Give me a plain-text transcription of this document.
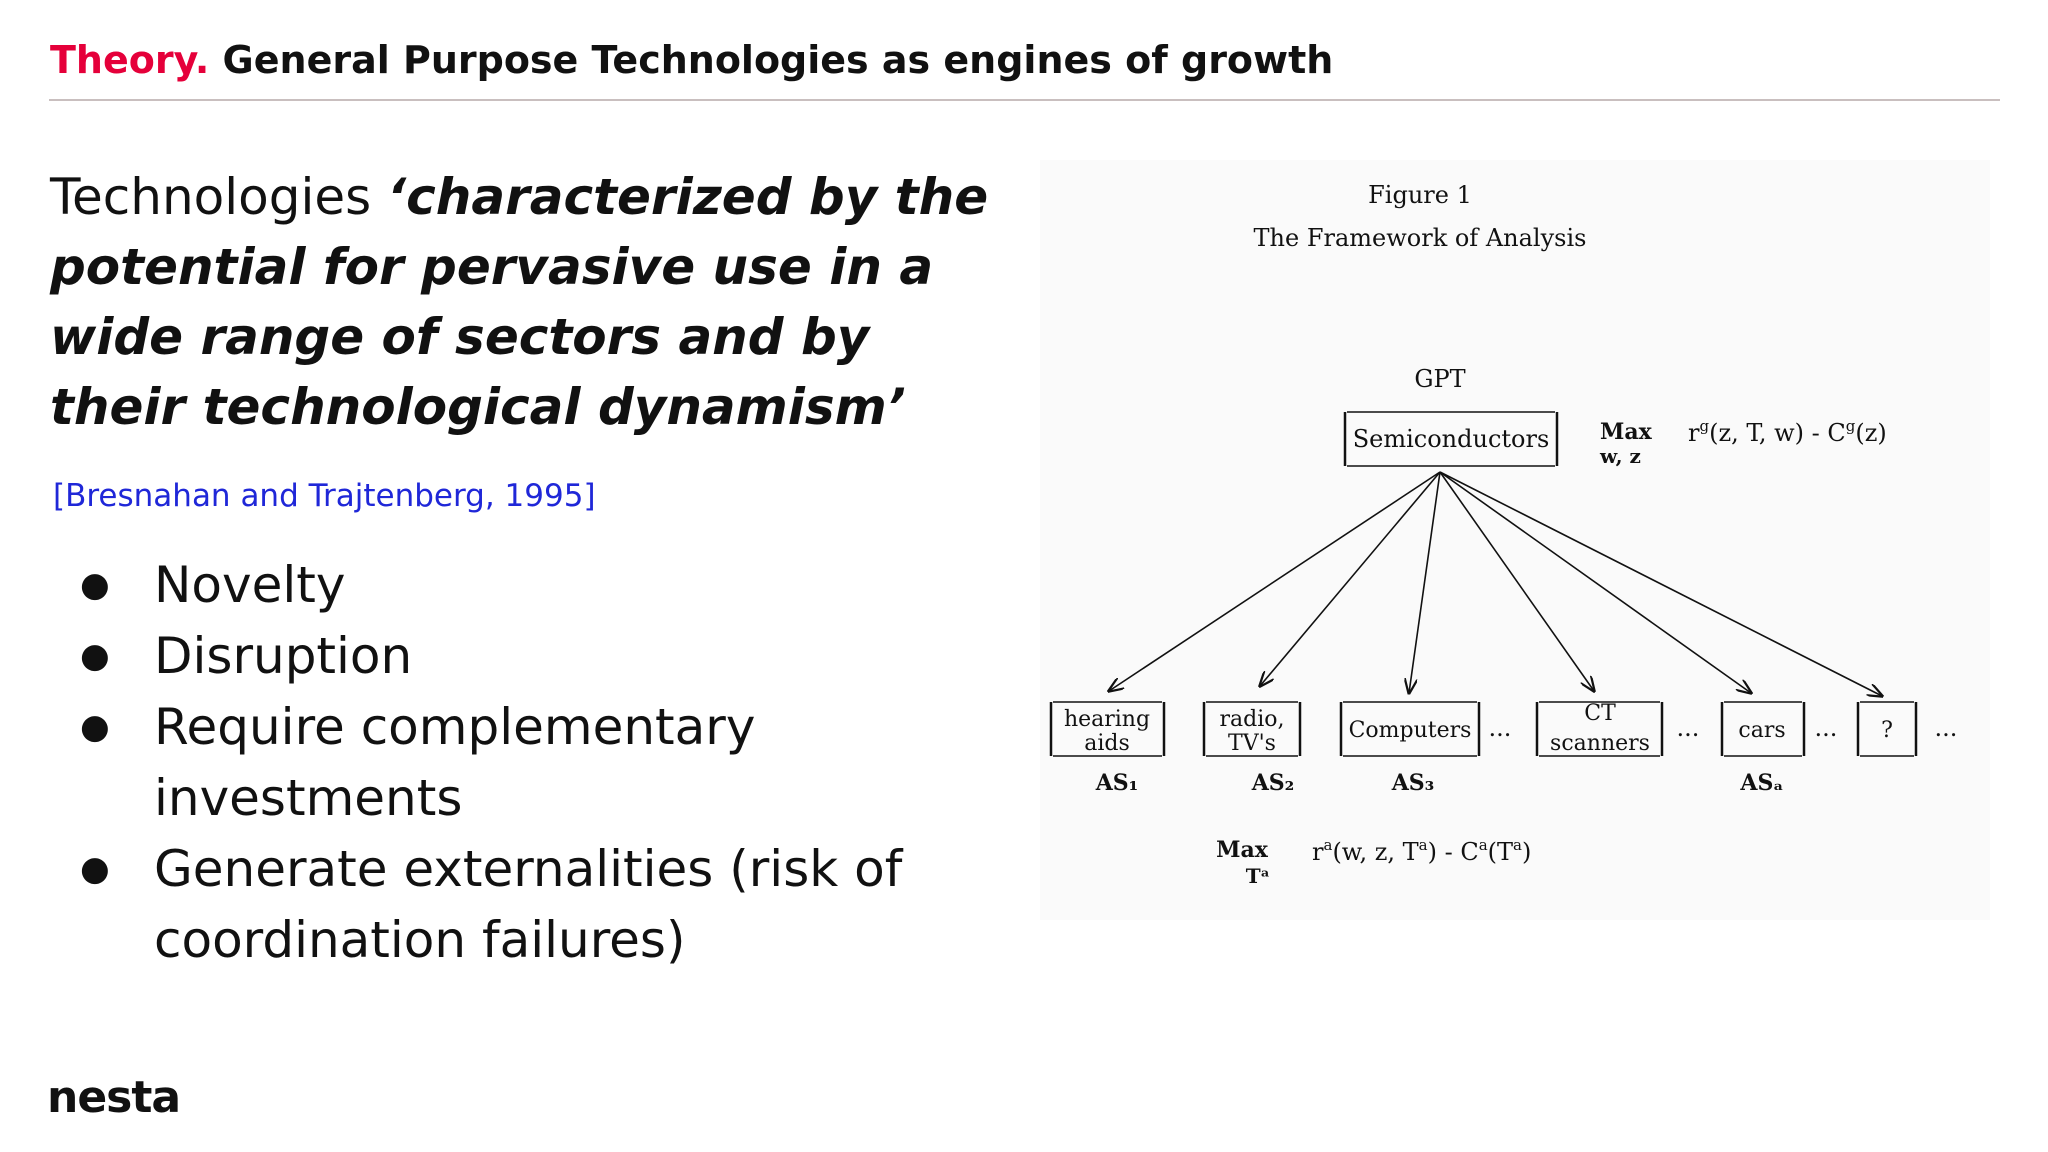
Theory. General Purpose Technologies as engines of growth
Technologies ‘characterized by the potential for pervasive use in a wide range of sectors and by their technological dynamism’
[Bresnahan and Trajtenberg, 1995]
● Novelty
● Disruption
● Require complementary investments
● Generate externalities (risk of coordination failures)
nesta
Figure 1
The Framework of Analysis
GPT
Semiconductors Max
w, z
$r^g(z$, T, $w) - C^g(z)$
hearing
aids
AS₁
radio,
TV's
AS₂
Computers
AS₃
...
CT
scanners
... cars
ASₐ
... ? ...
Max
Tᵃ
$r^a(w$, z, $T^a) - C^a(T^a)$
